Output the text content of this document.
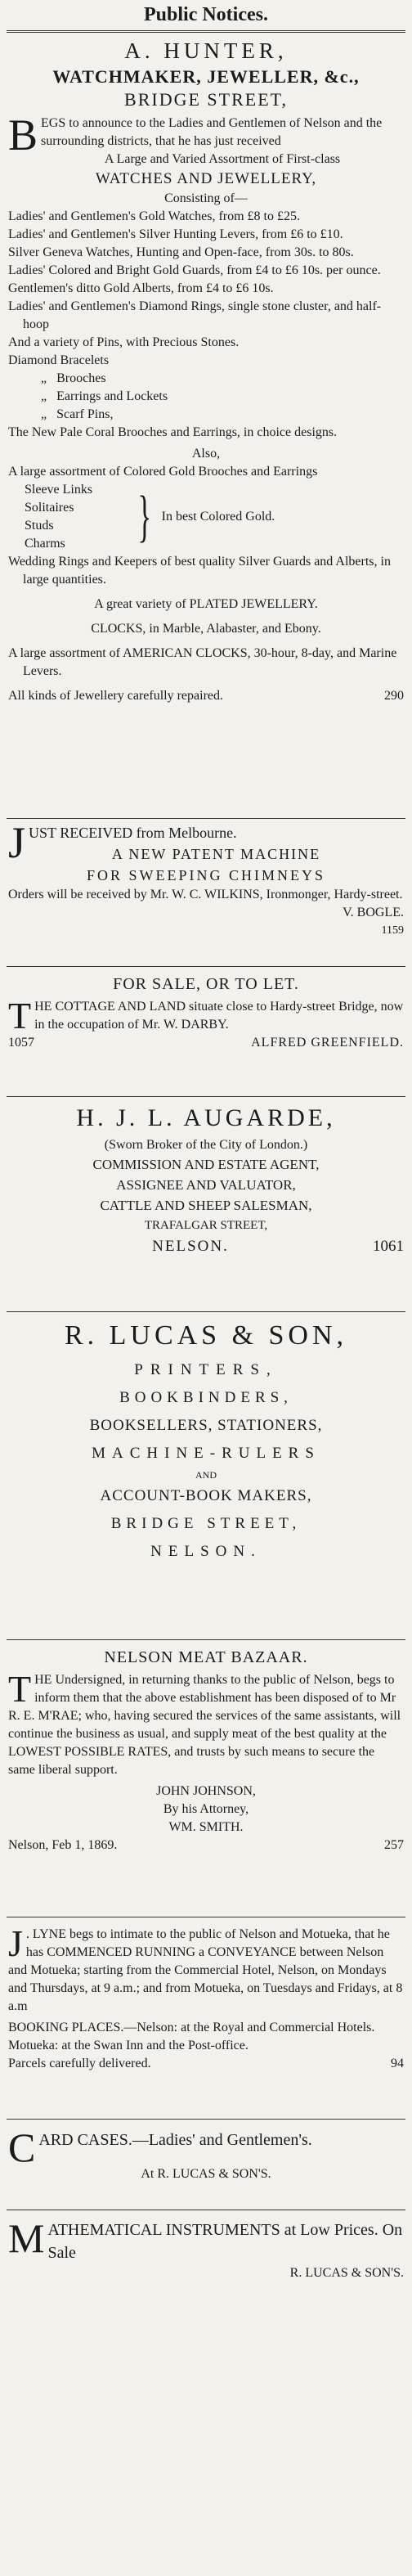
Public Notices.
A. HUNTER,
WATCHMAKER, JEWELLER, &c.,
BRIDGE STREET,
B EGS to announce to the Ladies and Gentlemen of Nelson and the surrounding districts, that he has just received
A Large and Varied Assortment of First-class
WATCHES AND JEWELLERY,
Consisting of—
Ladies' and Gentlemen's Gold Watches, from £8 to £25.
Ladies' and Gentlemen's Silver Hunting Levers, from £6 to £10.
Silver Geneva Watches, Hunting and Open-face, from 30s. to 80s.
Ladies' Colored and Bright Gold Guards, from £4 to £6 10s. per ounce.
Gentlemen's ditto Gold Alberts, from £4 to £6 10s.
Ladies' and Gentlemen's Diamond Rings, single stone cluster, and half-hoop
And a variety of Pins, with Precious Stones.
Diamond Bracelets
„   Brooches
„   Earrings and Lockets
„   Scarf Pins,
The New Pale Coral Brooches and Earrings, in choice designs.
Also,
A large assortment of Colored Gold Brooches and Earrings
Sleeve Links
Solitaires
Studs
Charms	} In best Colored Gold.
Wedding Rings and Keepers of best quality Silver Guards and Alberts, in large quantities.
A great variety of PLATED JEWELLERY.
CLOCKS, in Marble, Alabaster, and Ebony.
A large assortment of AMERICAN CLOCKS, 30-hour, 8-day, and Marine Levers.
All kinds of Jewellery carefully repaired.	290
J UST RECEIVED from Melbourne.
A NEW PATENT MACHINE
FOR SWEEPING CHIMNEYS
Orders will be received by Mr. W. C. WILKINS, Ironmonger, Hardy-street.
V. BOGLE.
1159
FOR SALE, OR TO LET.
T HE COTTAGE AND LAND situate close to Hardy-street Bridge, now in the occupation of Mr. W. DARBY.
1057	ALFRED GREENFIELD.
H. J. L. AUGARDE,
(Sworn Broker of the City of London.)
COMMISSION AND ESTATE AGENT,
ASSIGNEE AND VALUATOR,
CATTLE AND SHEEP SALESMAN,
TRAFALGAR STREET,
NELSON.	1061
R. LUCAS & SON,
PRINTERS,
BOOKBINDERS,
BOOKSELLERS, STATIONERS,
MACHINE-RULERS
AND
ACCOUNT-BOOK MAKERS,
BRIDGE STREET,
NELSON.
NELSON MEAT BAZAAR.
T HE Undersigned, in returning thanks to the public of Nelson, begs to inform them that the above establishment has been disposed of to Mr R. E. M'RAE; who, having secured the services of the same assistants, will continue the business as usual, and supply meat of the best quality at the LOWEST POSSIBLE RATES, and trusts by such means to secure the same liberal support.
JOHN JOHNSON,
By his Attorney,
WM. SMITH.
Nelson, Feb 1, 1869.	257
J . LYNE begs to intimate to the public of Nelson and Motueka, that he has COMMENCED RUNNING a CONVEYANCE between Nelson and Motueka; starting from the Commercial Hotel, Nelson, on Mondays and Thursdays, at 9 a.m.; and from Motueka, on Tuesdays and Fridays, at 8 a.m
BOOKING PLACES.—Nelson: at the Royal and Commercial Hotels. Motueka: at the Swan Inn and the Post-office.
Parcels carefully delivered.	94
C ARD CASES.—Ladies' and Gentlemen's.
At R. LUCAS & SON'S.
M ATHEMATICAL INSTRUMENTS at Low Prices. On Sale
R. LUCAS & SON'S.
